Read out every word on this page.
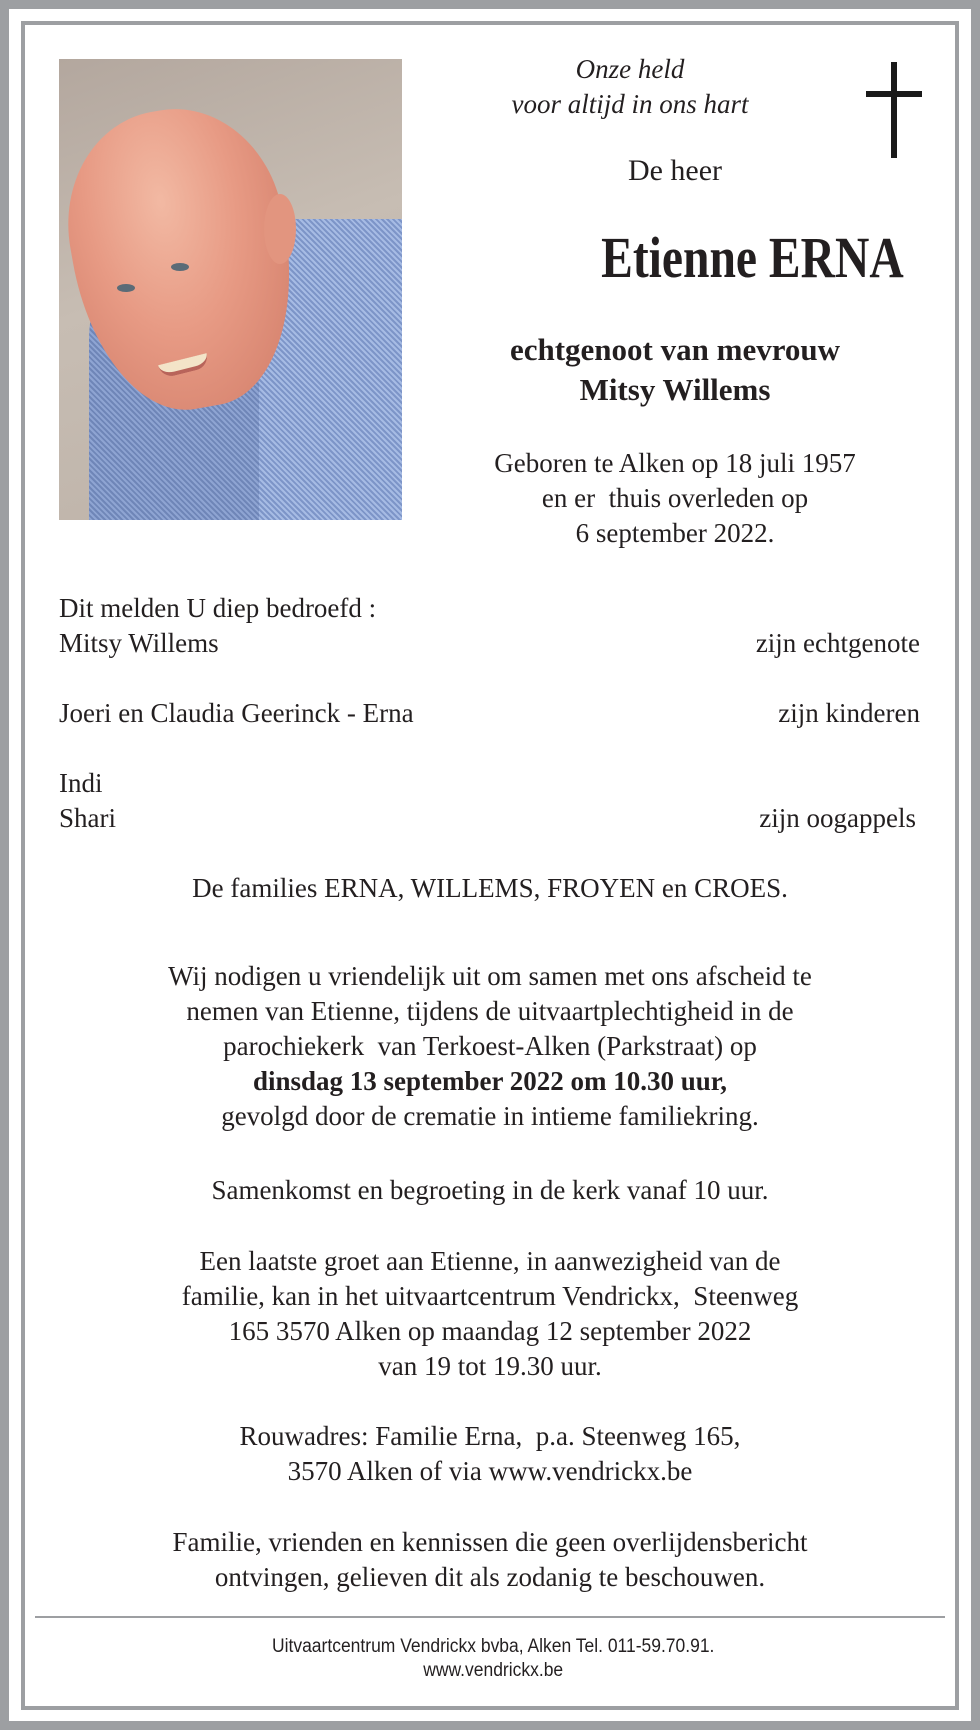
Onze held
voor altijd in ons hart
De heer
Etienne ERNA
echtgenoot van mevrouw
Mitsy Willems
Geboren te Alken op 18 juli 1957
en er  thuis overleden op
6 september 2022.
Dit melden U diep bedroefd :
Mitsy Willems	zijn echtgenote
Joeri en Claudia Geerinck - Erna	zijn kinderen
Indi
Shari	zijn oogappels
De families ERNA, WILLEMS, FROYEN en CROES.
Wij nodigen u vriendelijk uit om samen met ons afscheid te
nemen van Etienne, tijdens de uitvaartplechtigheid in de
parochiekerk  van Terkoest-Alken (Parkstraat) op
dinsdag 13 september 2022 om 10.30 uur,
gevolgd door de crematie in intieme familiekring.
Samenkomst en begroeting in de kerk vanaf 10 uur.
Een laatste groet aan Etienne, in aanwezigheid van de
familie, kan in het uitvaartcentrum Vendrickx,  Steenweg
165 3570 Alken op maandag 12 september 2022
van 19 tot 19.30 uur.
Rouwadres: Familie Erna,  p.a. Steenweg 165,
3570 Alken of via www.vendrickx.be
Familie, vrienden en kennissen die geen overlijdensbericht
ontvingen, gelieven dit als zodanig te beschouwen.
Uitvaartcentrum Vendrickx bvba, Alken Tel. 011-59.70.91.
www.vendrickx.be
